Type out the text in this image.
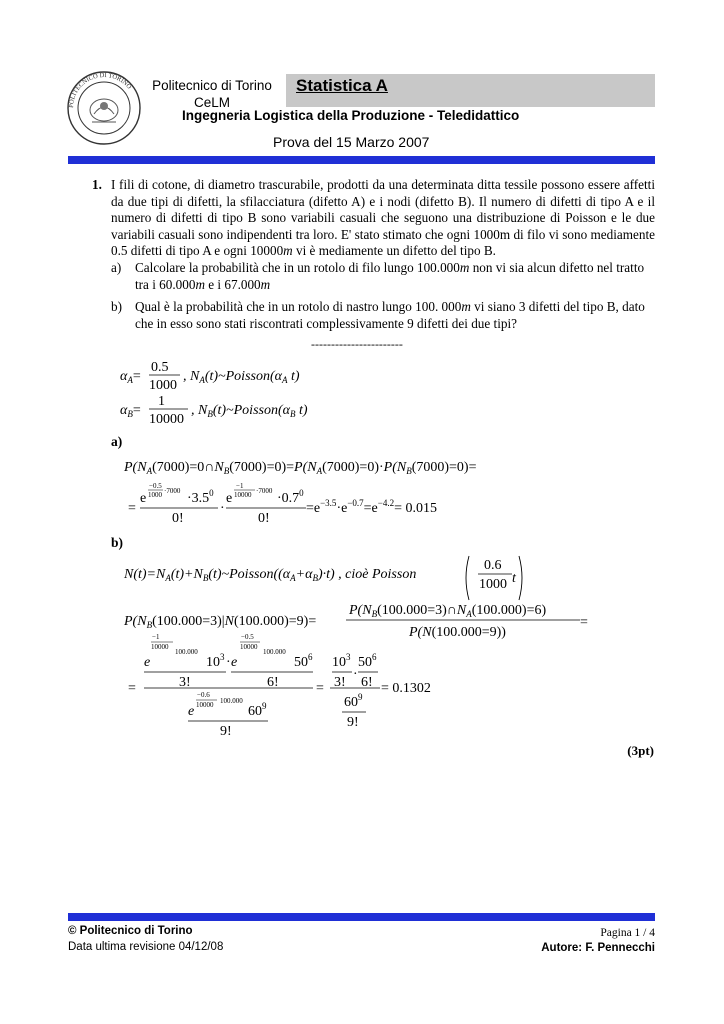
POLITECNICO DI TORINO	Politecnico di Torino
CeLM
Statistica A
Ingegneria Logistica della Produzione - Teledidattico
Prova del 15 Marzo 2007
1. I fili di cotone, di diametro trascurabile, prodotti da una determinata ditta tessile possono essere affetti da due tipi di difetti, la sfilacciatura (difetto A) e i nodi (difetto B). Il numero di difetti di tipo A e il numero di difetti di tipo B sono variabili casuali che seguono una distribuzione di Poisson e le due variabili casuali sono indipendenti tra loro. E' stato stimato che ogni 1000m di filo vi sono mediamente 0.5 difetti di tipo A e ogni 10000m vi è mediamente un difetto del tipo B.
a) Calcolare la probabilità che in un rotolo di filo lungo 100.000m non vi sia alcun difetto nel tratto tra i 60.000m e i 67.000m
b) Qual è la probabilità che in un rotolo di nastro lungo 100. 000m vi siano 3 difetti del tipo B, dato che in esso sono stati riscontrati complessivamente 9 difetti dei due tipi?
-----------------------
$\alpha_A=$
0.5
1000
, $N_A(t)\sim Poisson(\alpha_A$ t)
$\alpha_B=$
1
10000
, $N_B(t)\sim Poisson(\alpha_B$ t)
a)
$P(N_A(7000)=0\cap N_B(7000)=0)=P(N_A(7000)=0)\cdot P(N_B(7000)=0)=$
=
e
−0.5
$1000 \cdot 7000 \cdot 3.5^0$
0!
·
e
−1
$10000 \cdot 7000 \cdot 0.7^0$
0!
$=e^{-3.5}\cdot e^{-0.7}=e^{-4.2}= 0.015$
b)
$N(t)=N_A(t)+N_B(t)\sim Poisson((\alpha_A+\alpha_B)\cdot t)$ , cioè Poisson
0.6
1000 t
$P(N_B(100.000=3)|N(100.000)=9)=$
$P(N_B(100.000=3)\cap N_A(100.000)=6)$
P(N(100.000=9))
=
=
e
−1
10000
100.000
$10^3$
3!
· e
−0.5
10000
100.000
$50^6$
6!
e
−0.6
10000 100.000
$60^9$
9!
=
$10^3$
3!
·
$50^6$
6!
$60^9$
9!
= 0.1302
(3pt)
© Politecnico di Torino
Data ultima revisione 04/12/08
Pagina 1 / 4
Autore: F. Pennecchi
